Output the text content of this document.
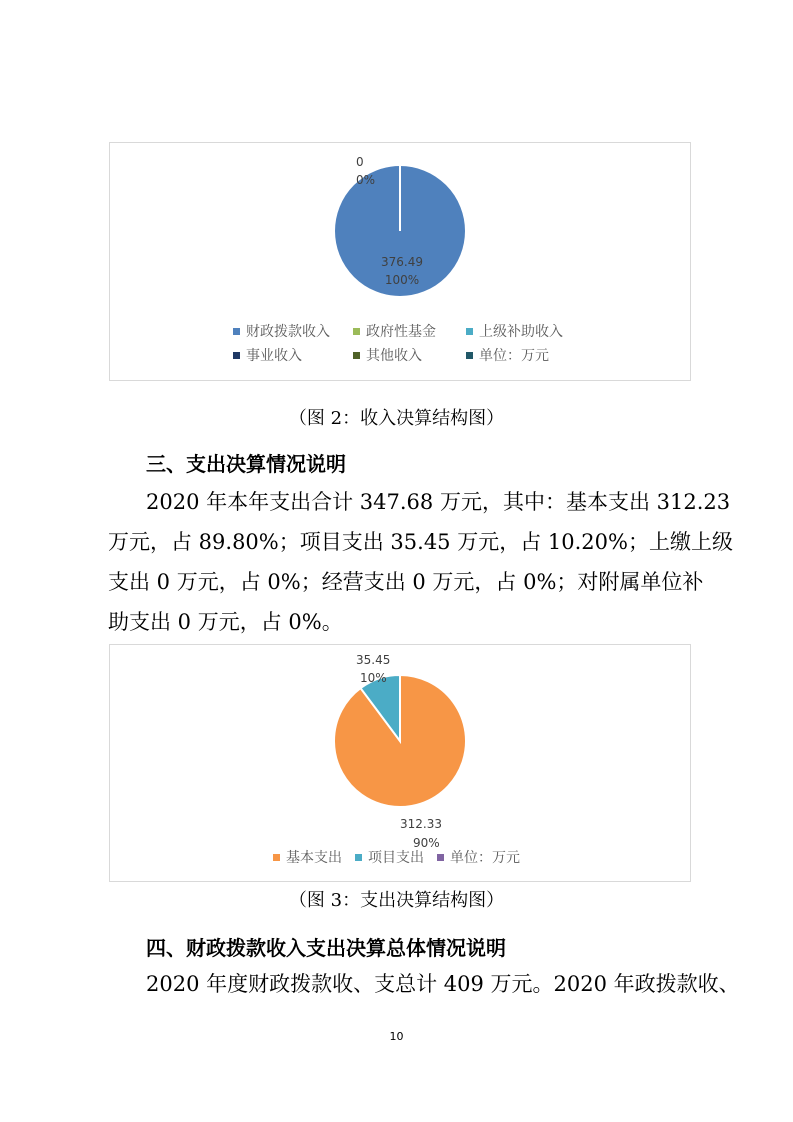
0
0%
376.49
100%
财政拨款收入	政府性基金	上级补助收入
事业收入	其他收入	单位：万元
（图 2：收入决算结构图）
三、支出决算情况说明
2020 年本年支出合计 347.68 万元，其中：基本支出 312.23
万元，占 89.80%；项目支出 35.45 万元，占 10.20%；上缴上级
支出 0 万元，占 0%；经营支出 0 万元，占 0%；对附属单位补
助支出 0 万元，占 0%。
35.45
10%
312.33
90%
基本支出 项目支出 单位：万元
（图 3：支出决算结构图）
四、财政拨款收入支出决算总体情况说明
2020 年度财政拨款收、支总计 409 万元。2020 年政拨款收、
10
